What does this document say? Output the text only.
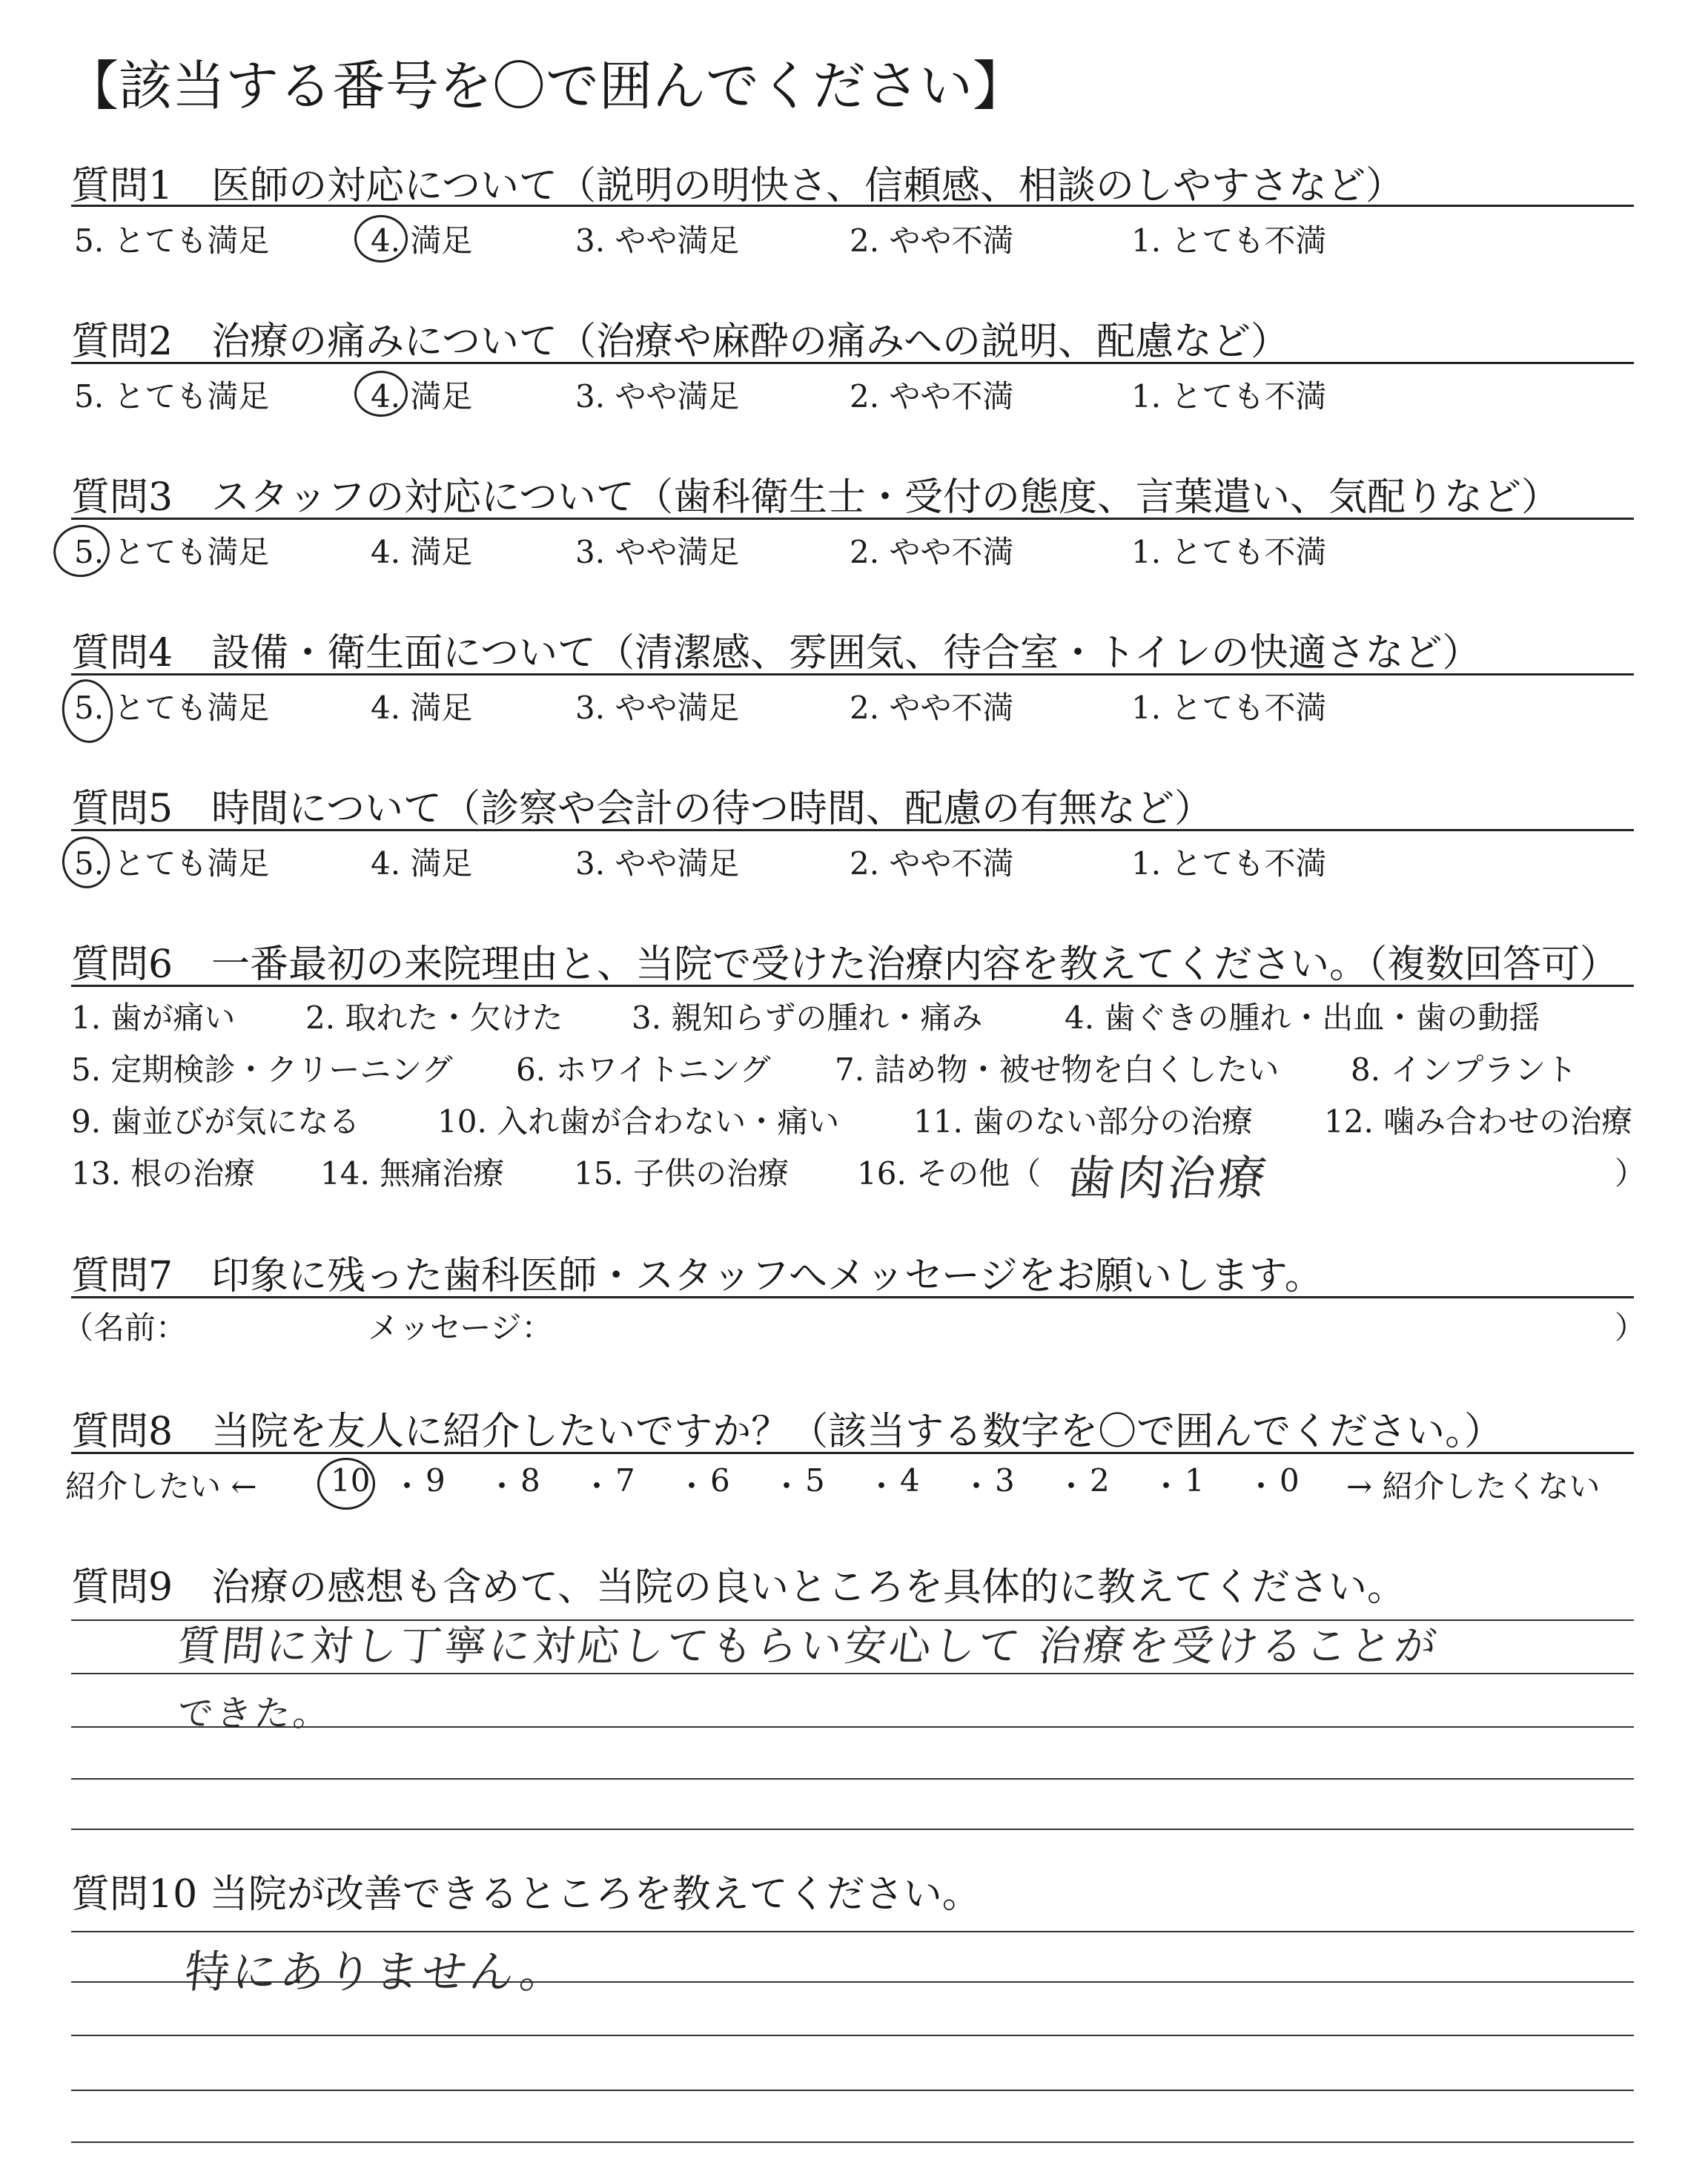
【該当する番号を〇で囲んでください】
質問1　医師の対応について（説明の明快さ、信頼感、相談のしやすさなど）
5. とても満足	4. 満足	3. やや満足	2. やや不満	1. とても不満
質問2　治療の痛みについて（治療や麻酔の痛みへの説明、配慮など）
5. とても満足	4. 満足	3. やや満足	2. やや不満	1. とても不満
質問3　スタッフの対応について（歯科衛生士・受付の態度、言葉遣い、気配りなど）
5. とても満足	4. 満足	3. やや満足	2. やや不満	1. とても不満
質問4　設備・衛生面について（清潔感、雰囲気、待合室・トイレの快適さなど）
5. とても満足	4. 満足	3. やや満足	2. やや不満	1. とても不満
質問5　時間について（診察や会計の待つ時間、配慮の有無など）
5. とても満足	4. 満足	3. やや満足	2. やや不満	1. とても不満
質問6　一番最初の来院理由と、当院で受けた治療内容を教えてください。（複数回答可）
1. 歯が痛い 2. 取れた・欠けた 3. 親知らずの腫れ・痛み	4. 歯ぐきの腫れ・出血・歯の動揺
5. 定期検診・クリーニング 6. ホワイトニング 7. 詰め物・被せ物を白くしたい 8. インプラント
9. 歯並びが気になる 10. 入れ歯が合わない・痛い 11. 歯のない部分の治療 12. 噛み合わせの治療
13. 根の治療 14. 無痛治療 15. 子供の治療 16. その他（ 歯肉治療	）
質問7　印象に残った歯科医師・スタッフへメッセージをお願いします。
（名前：	メッセージ：	）
質問8　当院を友人に紹介したいですか？（該当する数字を〇で囲んでください。）
紹介したい ← 10 ・ 9 ・ 8 ・ 7 ・ 6 ・ 5 ・ 4 ・ 3 ・ 2 ・ 1 ・ 0 → 紹介したくない
質問9　治療の感想も含めて、当院の良いところを具体的に教えてください。
質問に対し丁寧に対応してもらい安心して 治療を受けることが
できた。
質問10 当院が改善できるところを教えてください。
特にありません。
